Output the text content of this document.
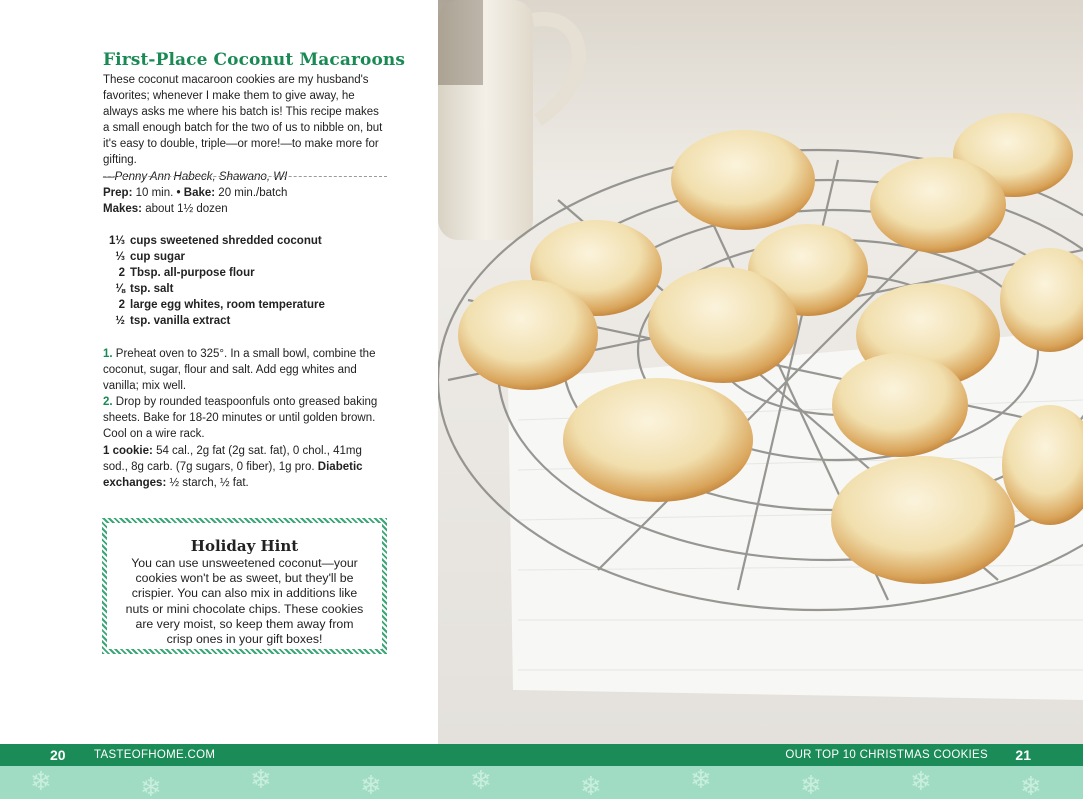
First-Place Coconut Macaroons
These coconut macaroon cookies are my husband's favorites; whenever I make them to give away, he always asks me where his batch is! This recipe makes a small enough batch for the two of us to nibble on, but it's easy to double, triple—or more!—to make more for gifting.
—Penny Ann Habeck, Shawano, WI
Prep: 10 min. • Bake: 20 min./batch
Makes: about 1½ dozen
1⅓ cups sweetened shredded coconut
⅓ cup sugar
2 Tbsp. all-purpose flour
⅛ tsp. salt
2 large egg whites, room temperature
½ tsp. vanilla extract
1. Preheat oven to 325°. In a small bowl, combine the coconut, sugar, flour and salt. Add egg whites and vanilla; mix well.
2. Drop by rounded teaspoonfuls onto greased baking sheets. Bake for 18-20 minutes or until golden brown. Cool on a wire rack.
1 cookie: 54 cal., 2g fat (2g sat. fat), 0 chol., 41mg sod., 8g carb. (7g sugars, 0 fiber), 1g pro. Diabetic exchanges: ½ starch, ½ fat.
Holiday Hint
You can use unsweetened coconut—your cookies won't be as sweet, but they'll be crispier. You can also mix in additions like nuts or mini chocolate chips. These cookies are very moist, so keep them away from crisp ones in your gift boxes!
20 TASTEOFHOME.COM	OUR TOP 10 CHRISTMAS COOKIES 21
❄	❄	❄	❄	❄	❄	❄	❄	❄	❄
